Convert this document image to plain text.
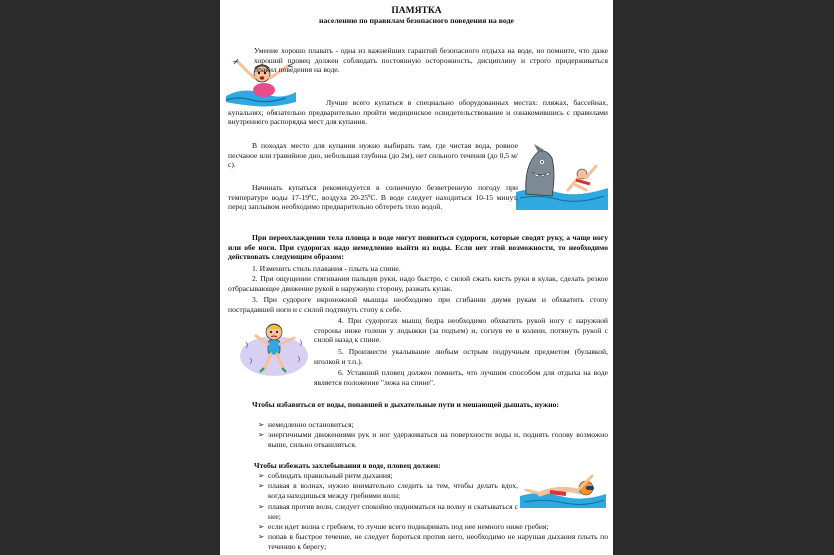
ПАМЯТКА
населению по правилам безопасного поведения на воде

Умение хорошо плавать - одна из важнейших гарантий безопасного отдыха на воде, но помните, что даже хороший пловец должен соблюдать постоянную осторожность, дисциплину и строго придерживаться правил поведения на воде.

Лучше всего купаться в специально оборудованных местах: пляжах, бассейнах, купальнях; обязательно предварительно пройти медицинское освидетельствование и ознакомившись с правилами внутреннего распорядка мест для купания.

В походах место для купания нужно выбирать там, где чистая вода, ровное песчаное или гравийное дно, небольшая глубина (до 2м), нет сильного течения (до 0,5 м/с).

Начинать купаться рекомендуется в солнечную безветренную погоду при температуре воды 17-19ºС, воздуха 20-25ºС. В воде следует находиться 10-15 минут, перед заплывом необходимо предварительно обтереть тело водой.

При переохлаждении тела пловца в воде могут появиться судороги, которые сводят руку, а чаще ногу или обе ноги. При судорогах надо немедленно выйти из воды. Если нет этой возможности, то необходимо действовать следующим образом:

1. Изменить стиль плавания - плыть на спине.

2. При ощущении стягивания пальцев руки, надо быстро, с силой сжать кисть руки в кулак, сделать резкое отбрасывающее движение рукой в наружную сторону, разжать кулак.

3. При судороге икроножной мышцы необходимо при сгибании двумя рукам и обхватить стопу пострадавшей ноги и с силой подтянуть стопу к себе.

4. При судорогах мышц бедра необходимо обхватить рукой ногу с наружной стороны ниже голени у лодыжки (за подъем) и, согнув ее в колени, потянуть рукой с силой назад к спине.

5. Произвести укалывание любым острым подручным предметом (булавкой, иголкой и т.п.).

6. Уставший пловец должен помнить, что лучшим способом для отдыха на воде является положение "лежа на спине".

Чтобы избавиться от воды, попавшей в дыхательные пути и мешающей дышать, нужно:

➢ немедленно остановиться;
➢ энергичными движениями рук и ног удерживаться на поверхности воды и, поднять голову возможно выше, сильно откашляться.

Чтобы избежать захлебывания в воде, пловец должен:

➢ соблюдать правильный ритм дыхания;
➢ плавая в волнах, нужно внимательно следить за тем, чтобы делать вдох, когда находишься между гребнями волн;
➢ плавая против волн, следует спокойно подниматься на волну и скатываться с нее;
➢ если идет волна с гребнем, то лучше всего подныривать под нее немного ниже гребня;
➢ попав в быстрое течение, не следует бороться против него, необходимо не нарушая дыхания плыть по течению к берегу;
